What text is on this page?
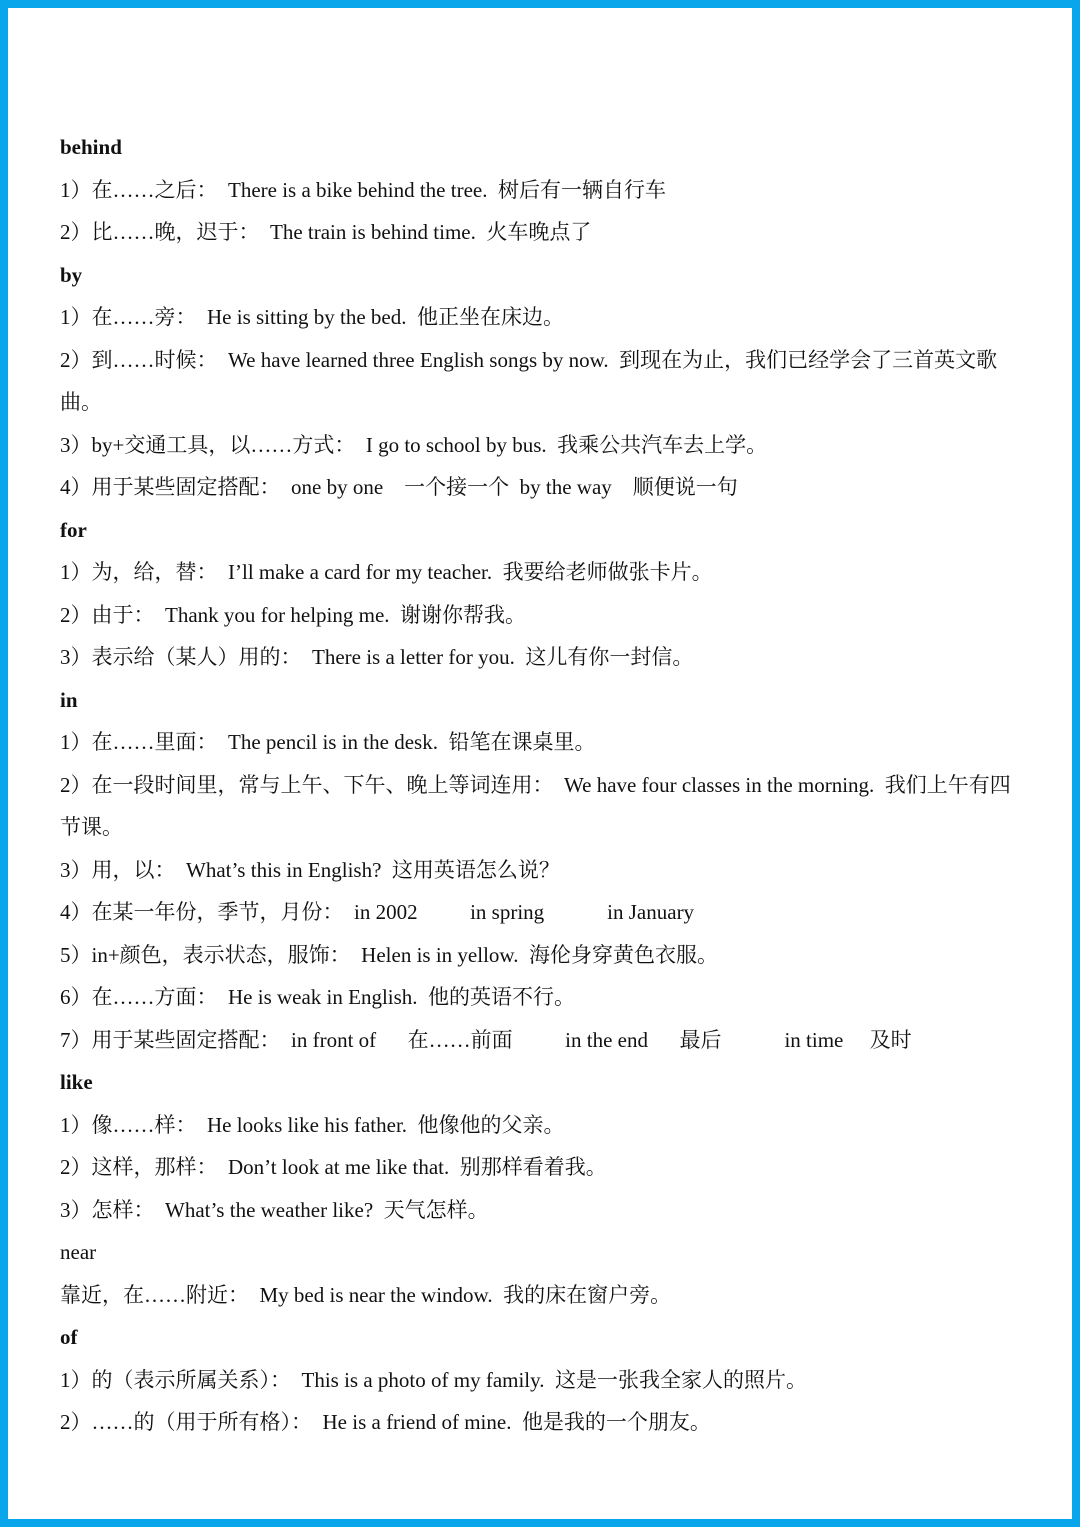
behind
1）在……之后：  There is a bike behind the tree.  树后有一辆自行车
2）比……晚，迟于：  The train is behind time.  火车晚点了
by
1）在……旁：  He is sitting by the bed.  他正坐在床边。
2）到……时候：  We have learned three English songs by now.  到现在为止，我们已经学会了三首英文歌
曲。
3）by+交通工具，以……方式：  I go to school by bus.  我乘公共汽车去上学。
4）用于某些固定搭配：  one by one    一个接一个  by the way    顺便说一句
for
1）为，给，替：  I’ll make a card for my teacher.  我要给老师做张卡片。
2）由于：  Thank you for helping me.  谢谢你帮我。
3）表示给（某人）用的：  There is a letter for you.  这儿有你一封信。
in
1）在……里面：  The pencil is in the desk.  铅笔在课桌里。
2）在一段时间里，常与上午、下午、晚上等词连用：  We have four classes in the morning.  我们上午有四
节课。
3）用，以：  What’s this in English?  这用英语怎么说？
4）在某一年份，季节，月份：  in 2002          in spring            in January
5）in+颜色，表示状态，服饰：  Helen is in yellow.  海伦身穿黄色衣服。
6）在……方面：  He is weak in English.  他的英语不行。
7）用于某些固定搭配：  in front of      在……前面          in the end      最后            in time     及时
like
1）像……样：  He looks like his father.  他像他的父亲。
2）这样，那样：  Don’t look at me like that.  别那样看着我。
3）怎样：  What’s the weather like?  天气怎样。
near
靠近，在……附近：  My bed is near the window.  我的床在窗户旁。
of
1）的（表示所属关系）：  This is a photo of my family.  这是一张我全家人的照片。
2）……的（用于所有格）：  He is a friend of mine.  他是我的一个朋友。
